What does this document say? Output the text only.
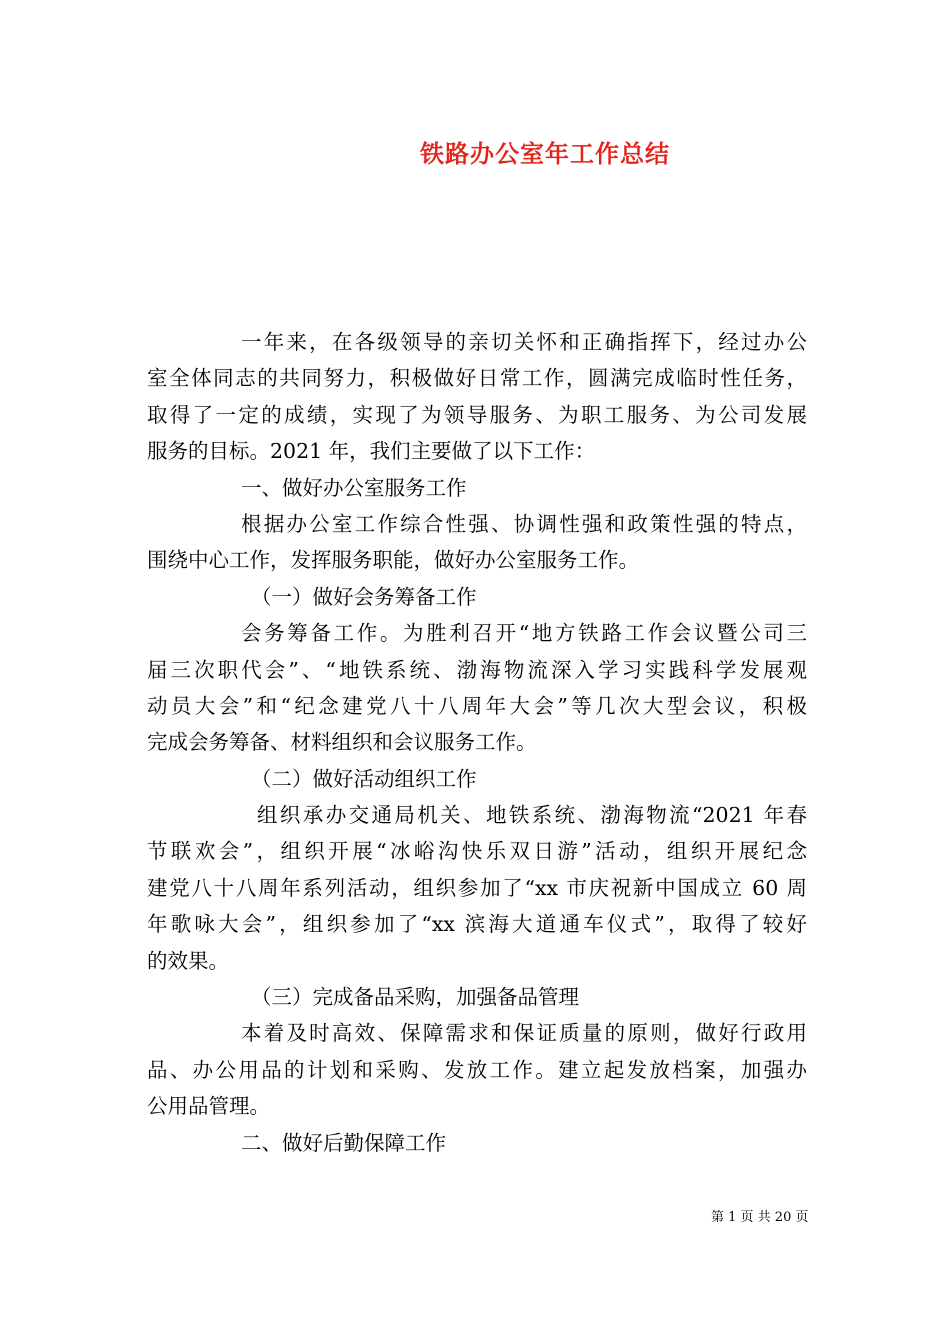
铁路办公室年工作总结
一年来，在各级领导的亲切关怀和正确指挥下，经过办公
室全体同志的共同努力，积极做好日常工作，圆满完成临时性任务，
取得了一定的成绩，实现了为领导服务、为职工服务、为公司发展
服务的目标。2021 年，我们主要做了以下工作：
一、做好办公室服务工作
根据办公室工作综合性强、协调性强和政策性强的特点，
围绕中心工作，发挥服务职能，做好办公室服务工作。
（一）做好会务筹备工作
会务筹备工作。为胜利召开“地方铁路工作会议暨公司三
届三次职代会”、“地铁系统、渤海物流深入学习实践科学发展观
动员大会”和“纪念建党八十八周年大会”等几次大型会议，积极
完成会务筹备、材料组织和会议服务工作。
（二）做好活动组织工作
组织承办交通局机关、地铁系统、渤海物流“2021 年春
节联欢会”，组织开展“冰峪沟快乐双日游”活动，组织开展纪念
建党八十八周年系列活动，组织参加了“xx 市庆祝新中国成立 60 周
年歌咏大会”，组织参加了“xx 滨海大道通车仪式”，取得了较好
的效果。
（三）完成备品采购，加强备品管理
本着及时高效、保障需求和保证质量的原则，做好行政用
品、办公用品的计划和采购、发放工作。建立起发放档案，加强办
公用品管理。
二、做好后勤保障工作
第 1 页 共 20 页
